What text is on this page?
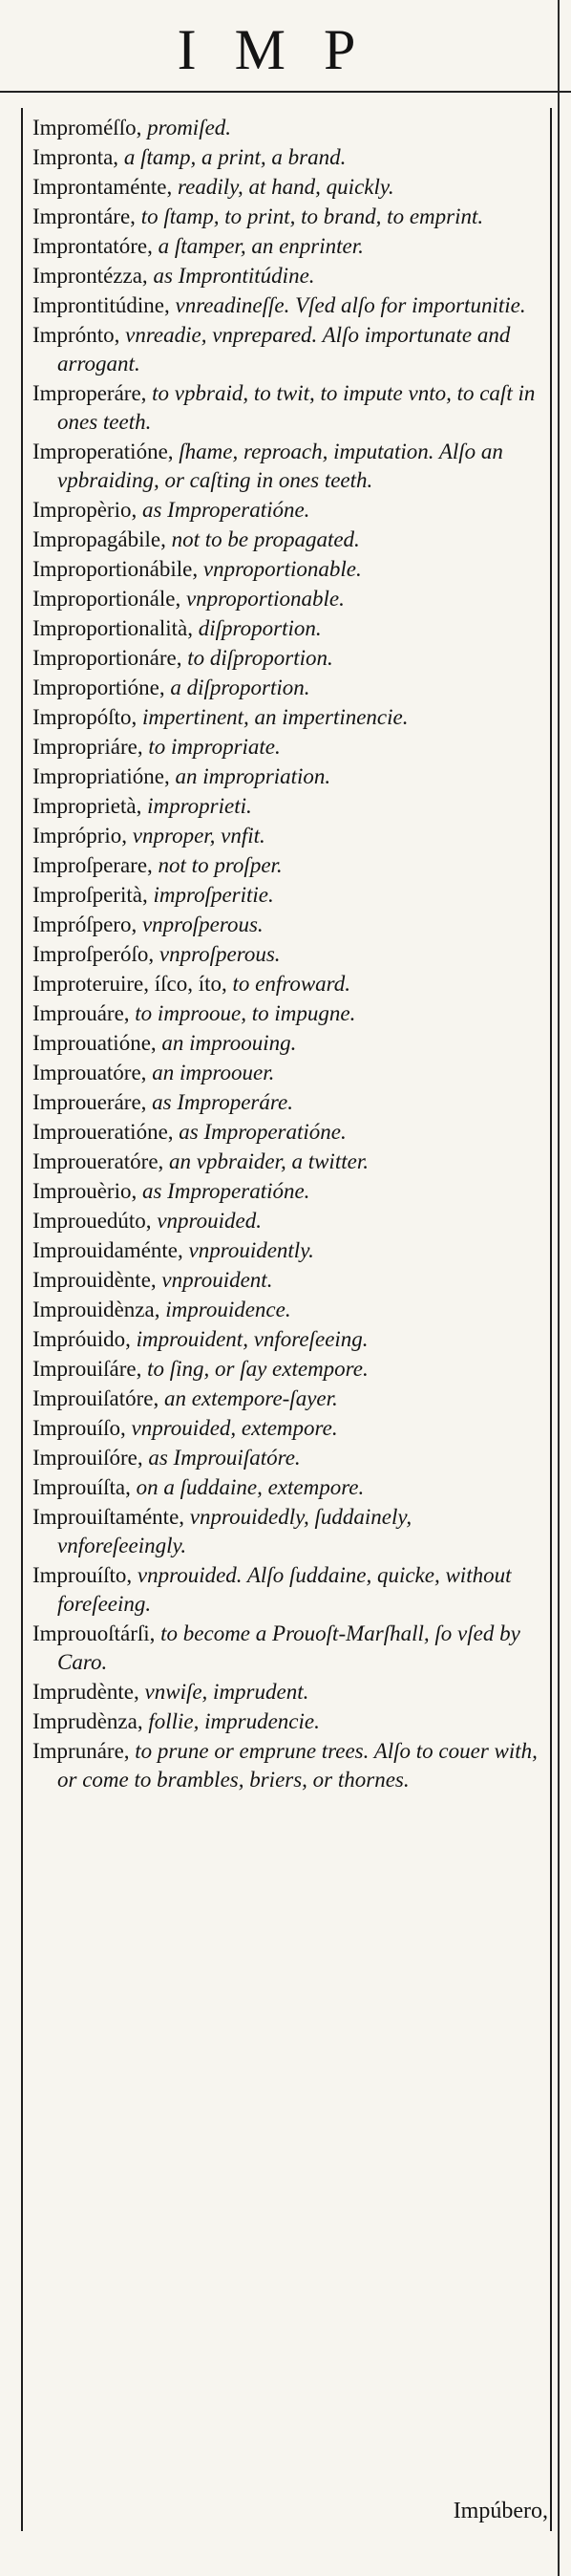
IMP
Improméſſo, promiſed.
Impronta, a ſtamp, a print, a brand.
Improntaménte, readily, at hand, quickly.
Improntáre, to ſtamp, to print, to brand, to emprint.
Improntatóre, a ſtamper, an enprinter.
Improntézza, as Improntitúdine.
Improntitúdine, vnreadineſſe. Vſed alſo for importunitie.
Imprónto, vnreadie, vnprepared. Alſo importunate and arrogant.
Improperáre, to vpbraid, to twit, to impute vnto, to caſt in ones teeth.
Improperatióne, ſhame, reproach, imputation. Alſo an vpbraiding, or caſting in ones teeth.
Impropèrio, as Improperatióne.
Impropagábile, not to be propagated.
Improportionábile, vnproportionable.
Improportionále, vnproportionable.
Improportionalità, diſproportion.
Improportionáre, to diſproportion.
Improportióne, a diſproportion.
Impropóſto, impertinent, an impertinencie.
Impropriáre, to impropriate.
Impropriatióne, an impropriation.
Improprietà, improprieti.
Impróprio, vnproper, vnfit.
Improſperare, not to proſper.
Improſperità, improſperitie.
Impróſpero, vnproſperous.
Improſperóſo, vnproſperous.
Improteruire, íſco, íto, to enfroward.
Improuáre, to improoue, to impugne.
Improuatióne, an improouing.
Improuatóre, an improouer.
Improueráre, as Improperáre.
Improueratióne, as Improperatióne.
Improueratóre, an vpbraider, a twitter.
Improuèrio, as Improperatióne.
Improuedúto, vnprouided.
Improuidaménte, vnprouidently.
Improuidènte, vnprouident.
Improuidènza, improuidence.
Impróuido, improuident, vnforeſeeing.
Improuiſáre, to ſing, or ſay extempore.
Improuiſatóre, an extempore-ſayer.
Improuíſo, vnprouided, extempore.
Improuiſóre, as Improuiſatóre.
Improuíſta, on a ſuddaine, extempore.
Improuiſtaménte, vnprouidedly, ſuddainely, vnforeſeeingly.
Improuíſto, vnprouided. Alſo ſuddaine, quicke, without foreſeeing.
Improuoſtárſi, to become a Prouoſt-Marſhall, ſo vſed by Caro.
Imprudènte, vnwiſe, imprudent.
Imprudènza, follie, imprudencie.
Imprunáre, to prune or emprune trees. Alſo to couer with, or come to brambles, briers, or thornes.
Impúbero,
